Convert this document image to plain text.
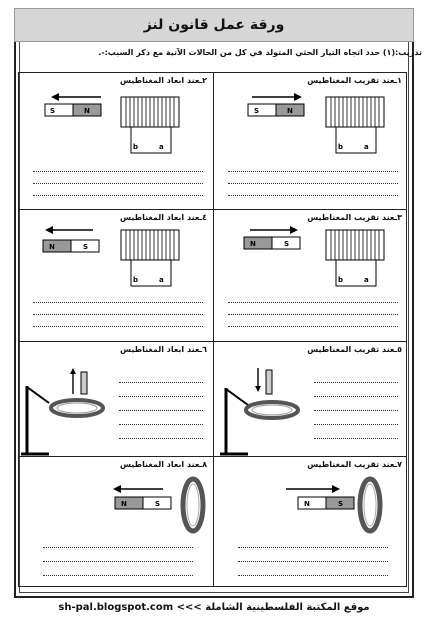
ورقة عمل قانون لنز
تدريب:(١) حدد اتجاه التيار الحثي المتولد في كل من الحالات الآتية مع ذكر السبب:-.
١ـعند تقريب المغناطيس
S	N
b	a
٢ـعند ابعاد المغناطيس
S	N
b	a
٣ـعند تقريب المغناطيس
N	S
b	a
٤ـعند ابعاد المغناطيس
N	S
b	a
٥ـعند تقريب المغناطيس
٦ـعند ابعاد المغناطيس
٧ـعند تقريب المغناطيس
N	S
٨ـعند ابعاد المغناطيس
N	S
sh-pal.blogspot.com <<< موقع المكتبة الفلسطينية الشاملة
